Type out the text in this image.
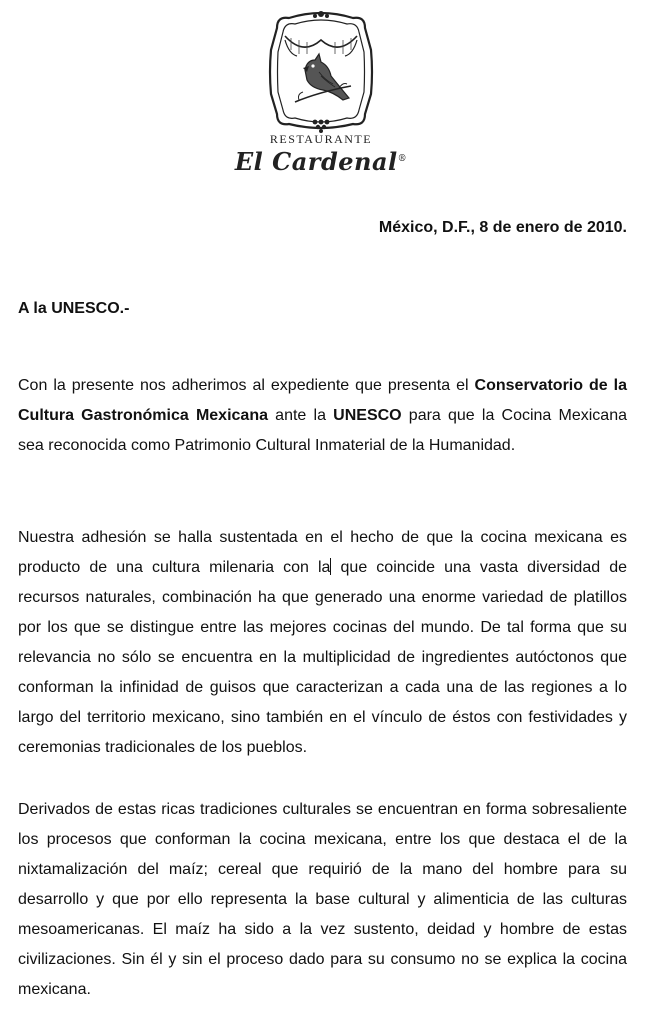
RESTAURANTE
El Cardenal®
México, D.F., 8 de enero de 2010.
A la UNESCO.-

Con la presente nos adherimos al expediente que presenta el Conservatorio de la Cultura Gastronómica Mexicana ante la UNESCO para que la Cocina Mexicana sea reconocida como Patrimonio Cultural Inmaterial de la Humanidad.

Nuestra adhesión se halla sustentada en el hecho de que la cocina mexicana es producto de una cultura milenaria con la que coincide una vasta diversidad de recursos naturales, combinación ha que generado una enorme variedad de platillos por los que se distingue entre las mejores cocinas del mundo. De tal forma que su relevancia no sólo se encuentra en la multiplicidad de ingredientes autóctonos que conforman la infinidad de guisos que caracterizan a cada una de las regiones a lo largo del territorio mexicano, sino también en el vínculo de éstos con festividades y ceremonias tradicionales de los pueblos.

Derivados de estas ricas tradiciones culturales se encuentran en forma sobresaliente los procesos que conforman la cocina mexicana, entre los que destaca el de la nixtamalización del maíz; cereal que requirió de la mano del hombre para su desarrollo y que por ello representa la base cultural y alimenticia de las culturas mesoamericanas. El maíz ha sido a la vez sustento, deidad y hombre de estas civilizaciones. Sin él y sin el proceso dado para su consumo no se explica la cocina mexicana.
